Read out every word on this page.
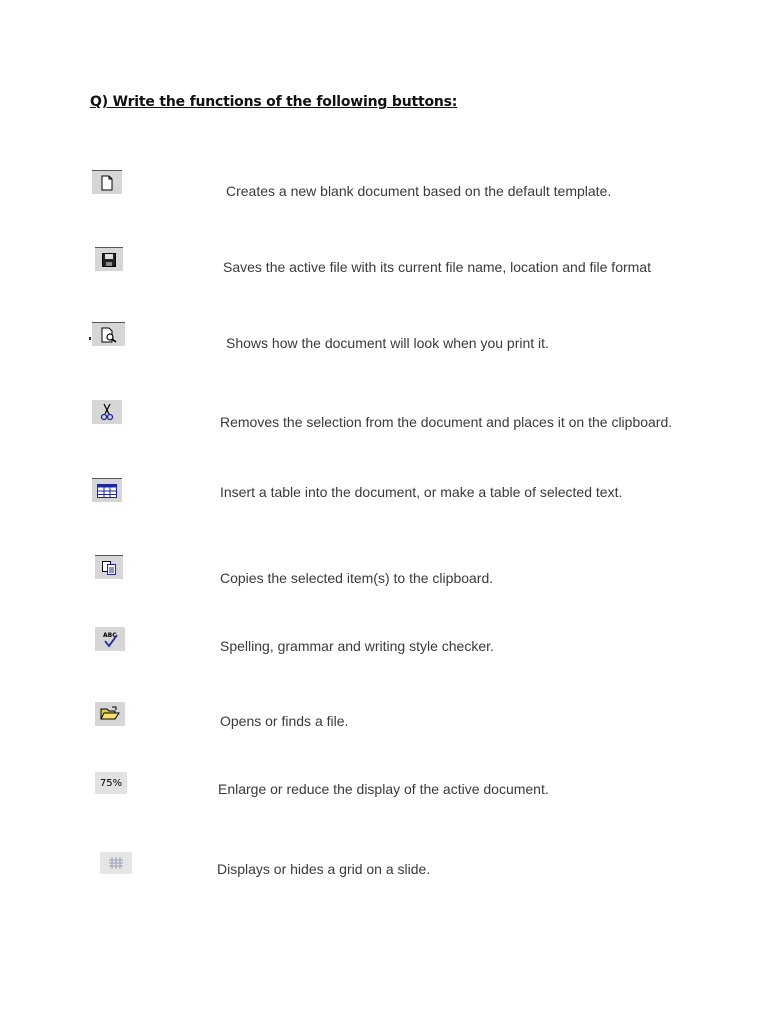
Q) Write the functions of the following buttons:
Creates a new blank document based on the default template.
Saves the active file with its current file name, location and file format
Shows how the document will look when you print it.
Removes the selection from the document and places it on the clipboard.
Insert a table into the document, or make a table of selected text.
Copies the selected item(s) to the clipboard.
ABC
Spelling, grammar and writing style checker.
Opens or finds a file.
75%	Enlarge or reduce the display of the active document.
Displays or hides a grid on a slide.
